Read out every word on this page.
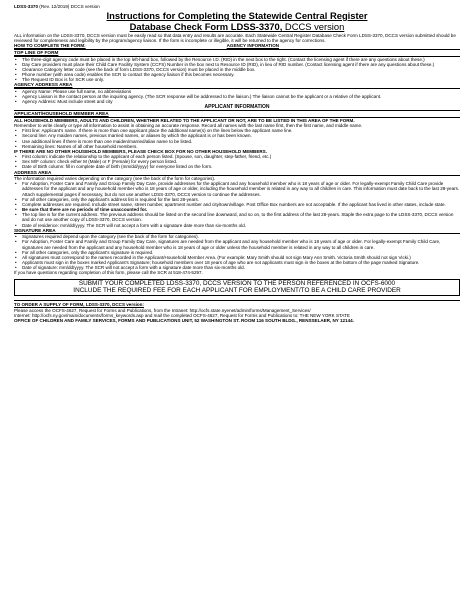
LDSS-3370 (Rev. 12/2019) DCCS version
Instructions for Completing the Statewide Central Register
Database Check Form LDSS-3370, DCCS version
ALL information on the LDSS-3370, DCCS version must be easily read so that data entry and results are accurate. Each Statewide Central Register Database Check Form LDSS-3370, DCCS version submitted should be reviewed for completeness and legibility by the program/agency liaison. If the form is incomplete or illegible, it will be returned to the agency for corrections.
HOW TO COMPLETE THE FORM:	AGENCY INFORMATION
TOP LINE OF FORM
• The three-digit agency code must be placed in the top left-hand box, followed by the Resource I.D. (RID) in the next box to the right. (Contact the licensing agent if there are any questions about these.)
• Day Care providers must place their Child Care Facility System (CCFS) Number in the box next to Resource ID (RID), in lieu of RID number. (Contact licensing agent if there are any questions about these.)
• Clearance Category letter code (see the back of form LDSS-3370, DCCS version) must be placed in the middle box.
• Phone number (with area code) enables the SCR to contact the agency liaison if this becomes necessary.
• The Request ID Box is for SCR use only.
AGENCY ADDRESS AREA
• Agency Name: Please use full name, no abbreviations
• Agency Liaison is the contact person at the inquiring agency. (The SCR response will be addressed to the liaison.) The liaison cannot be the applicant or a relative of the applicant.
• Agency Address: Must include street and city
APPLICANT INFORMATION
APPLICANT/HOUSEHOLD MEMBER AREA
ALL HOUSEHOLD MEMBERS, ADULTS AND CHILDREN, WHETHER RELATED TO THE APPLICANT OR NOT, ARE TO BE LISTED IN THIS AREA OF THE FORM.
Remember to write clearly or type all information to assist in obtaining an accurate response. Record all names with the last name first, then the first name, and middle name.
• First line: Applicant's name. If there is more than one applicant place the additional name(s) on the lines below the applicant name line.
• Second line: Any maiden names, previous married names, or aliases by which the applicant is or has been known.
• Use additional lines if there is more than one maiden/married/alias name to be listed.
• Remaining lines: Names of all other household members.
IF THERE ARE NO OTHER HOUSEHOLD MEMBERS, PLEASE CHECK BOX FOR NO OTHER HOUSEHOLD MEMBERS.
• First column: indicate the relationship to the applicant of each person listed. (Spouse, son, daughter, step-father, friend, etc.)
• Sex M/F column: check either M (Male) or F (Female) for every person listed.
• Date of Birth column: fill in complete date of birth (mm/dd/yyyy) for everyone listed on the form.
ADDRESS AREA
The information required varies depending on the category (see the back of the form for categories).
• For Adoption, Foster Care and Family and Group Family Day Care, provide addresses for the applicant and any household member who is 18 years of age or older. For legally-exempt Family Child Care provide addresses for the applicant and any household member who is 18 years of age or older, including the household member is related in any way to all children in care. This information must date back to the last 28-years. Attach supplemental pages if necessary, but do not use another LDSS-3370, DCCS version to continue the addresses.
• For all other categories, only the applicant's address list is required for the last 28-years.
• Complete addresses are required. Include street name, street number, apartment number and city/town/village. Post Office Box numbers are not acceptable. If the applicant has lived in other states, include state.
• Be sure that there are no periods of time unaccounted for.
• The top line is for the current address. The previous address should be listed on the second line downward, and so on, to the first address of the last 28-years. Staple the extra page to the LDSS-3370, DCCS version and do not use another copy of LDSS-3370, DCCS version.
• Date of residence: mm/dd/yyyy. The SCR will not accept a form with a signature date more than six-months old.
SIGNATURE AREA
• Signatures required depend upon the category (see the back of the form for categories).
• For Adoption, Foster Care and Family and Group Family Day Care, signatures are needed from the applicant and any household member who is 18 years of age or older. For legally-exempt Family Child Care, signatures are needed from the applicant and any household member who is 18 years of age or older unless the household member is related in any way to all children in care.
• For all other categories, only the applicant's signature is required.
• All signatures must correspond to the names recorded in the Applicant/Household Member Area. (For example: Mary Smith should not sign Mary Ann Smith. Victoria Smith should not sign Vicki.)
• Applicants must sign in the boxes marked Applicant's Signature; household members over 18 years of age who are not applicants must sign in the boxes at the bottom of the page marked Signature.
• Date of signature: mm/dd/yyyy. The SCR will not accept a form with a signature date more than six-months old.
If you have questions regarding completion of this form, please call the SCR at 518-474-5297.
SUBMIT YOUR COMPLETED LDSS-3370, DCCS VERSION TO THE PERSON REFERENCED IN OCFS-6000
INCLUDE THE REQUIRED FEE FOR EACH APPLICANT FOR EMPLOYMENT/TO BE A CHILD CARE PROVIDER
TO ORDER A SUPPLY OF FORM, LDSS-3370, DCCS version:
Please access the OCFS-4627, Request for Forms and Publications, from the Intranet: http://ocfs.state.nyenet/admin/forms/Management_Services/
Internet: http://ocfs.ny.gov/main/documents/forms_keywords.asp and mail the completed OCFS-4627, Request for Forms and Publications to: THE NEW YORK STATE
OFFICE OF CHILDREN AND FAMILY SERVICES, FORMS AND PUBLICATIONS UNIT, 52 WASHINGTON ST. ROOM 116 SOUTH BLDG., RENSSELAER, NY 12144.
